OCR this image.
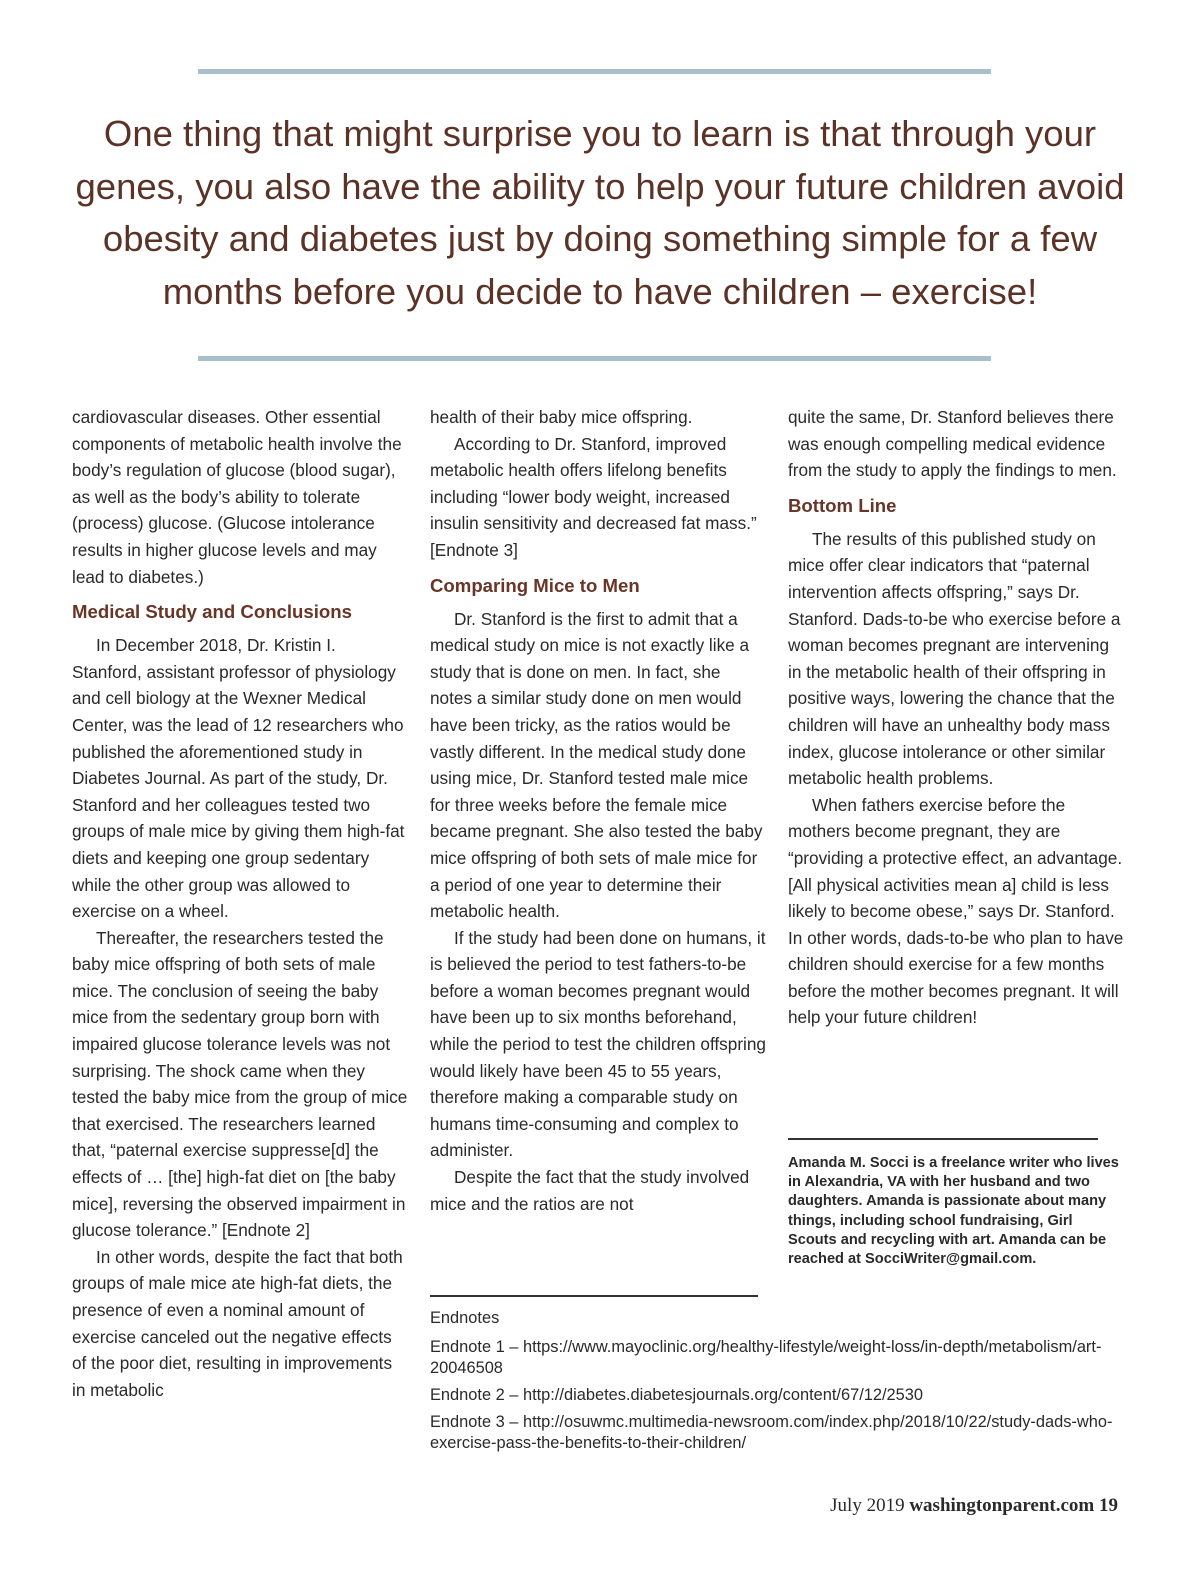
One thing that might surprise you to learn is that through your genes, you also have the ability to help your future children avoid obesity and diabetes just by doing something simple for a few months before you decide to have children – exercise!

cardiovascular diseases. Other essential components of metabolic health involve the body’s regulation of glucose (blood sugar), as well as the body’s ability to tolerate (process) glucose. (Glucose intolerance results in higher glucose levels and may lead to diabetes.)

Medical Study and Conclusions

In December 2018, Dr. Kristin I. Stanford, assistant professor of physiology and cell biology at the Wexner Medical Center, was the lead of 12 researchers who published the aforementioned study in Diabetes Journal. As part of the study, Dr. Stanford and her colleagues tested two groups of male mice by giving them high-fat diets and keeping one group sedentary while the other group was allowed to exercise on a wheel.

Thereafter, the researchers tested the baby mice offspring of both sets of male mice. The conclusion of seeing the baby mice from the sedentary group born with impaired glucose tolerance levels was not surprising. The shock came when they tested the baby mice from the group of mice that exercised. The researchers learned that, “paternal exercise suppresse[d] the effects of … [the] high-fat diet on [the baby mice], reversing the observed impairment in glucose tolerance.” [Endnote 2]

In other words, despite the fact that both groups of male mice ate high-fat diets, the presence of even a nominal amount of exercise canceled out the negative effects of the poor diet, resulting in improvements in metabolic

health of their baby mice offspring.

According to Dr. Stanford, improved metabolic health offers lifelong benefits including “lower body weight, increased insulin sensitivity and decreased fat mass.” [Endnote 3]

Comparing Mice to Men

Dr. Stanford is the first to admit that a medical study on mice is not exactly like a study that is done on men. In fact, she notes a similar study done on men would have been tricky, as the ratios would be vastly different. In the medical study done using mice, Dr. Stanford tested male mice for three weeks before the female mice became pregnant. She also tested the baby mice offspring of both sets of male mice for a period of one year to determine their metabolic health.

If the study had been done on humans, it is believed the period to test fathers-to-be before a woman becomes pregnant would have been up to six months beforehand, while the period to test the children offspring would likely have been 45 to 55 years, therefore making a comparable study on humans time-consuming and complex to administer.

Despite the fact that the study involved mice and the ratios are not

quite the same, Dr. Stanford believes there was enough compelling medical evidence from the study to apply the findings to men.

Bottom Line

The results of this published study on mice offer clear indicators that “paternal intervention affects offspring,” says Dr. Stanford. Dads-to-be who exercise before a woman becomes pregnant are intervening in the metabolic health of their offspring in positive ways, lowering the chance that the children will have an unhealthy body mass index, glucose intolerance or other similar metabolic health problems.

When fathers exercise before the mothers become pregnant, they are “providing a protective effect, an advantage. [All physical activities mean a] child is less likely to become obese,” says Dr. Stanford. In other words, dads-to-be who plan to have children should exercise for a few months before the mother becomes pregnant. It will help your future children!

Amanda M. Socci is a freelance writer who lives in Alexandria, VA with her husband and two daughters. Amanda is passionate about many things, including school fundraising, Girl Scouts and recycling with art. Amanda can be reached at SocciWriter@gmail.com.

Endnotes

Endnote 1 – https://www.mayoclinic.org/healthy-lifestyle/weight-loss/in-depth/metabolism/art-20046508

Endnote 2 – http://diabetes.diabetesjournals.org/content/67/12/2530

Endnote 3 – http://osuwmc.multimedia-newsroom.com/index.php/2018/10/22/study-dads-who-exercise-pass-the-benefits-to-their-children/

July 2019 washingtonparent.com 19
